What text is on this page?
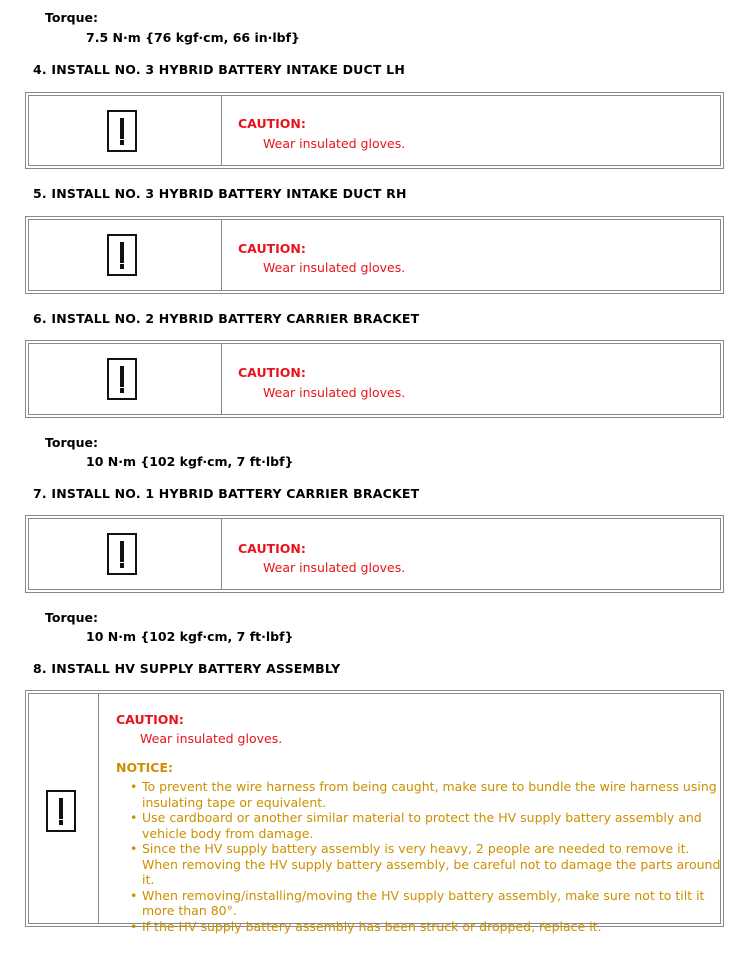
Torque:
7.5 N·m {76 kgf·cm, 66 in·lbf}
4. INSTALL NO. 3 HYBRID BATTERY INTAKE DUCT LH
CAUTION:
Wear insulated gloves.
5. INSTALL NO. 3 HYBRID BATTERY INTAKE DUCT RH
CAUTION:
Wear insulated gloves.
6. INSTALL NO. 2 HYBRID BATTERY CARRIER BRACKET
CAUTION:
Wear insulated gloves.
Torque:
10 N·m {102 kgf·cm, 7 ft·lbf}
7. INSTALL NO. 1 HYBRID BATTERY CARRIER BRACKET
CAUTION:
Wear insulated gloves.
Torque:
10 N·m {102 kgf·cm, 7 ft·lbf}
8. INSTALL HV SUPPLY BATTERY ASSEMBLY
CAUTION:
Wear insulated gloves.
NOTICE:
• To prevent the wire harness from being caught, make sure to bundle the wire harness using insulating tape or equivalent.
• Use cardboard or another similar material to protect the HV supply battery assembly and vehicle body from damage.
• Since the HV supply battery assembly is very heavy, 2 people are needed to remove it. When removing the HV supply battery assembly, be careful not to damage the parts around it.
• When removing/installing/moving the HV supply battery assembly, make sure not to tilt it more than 80°.
• If the HV supply battery assembly has been struck or dropped, replace it.
